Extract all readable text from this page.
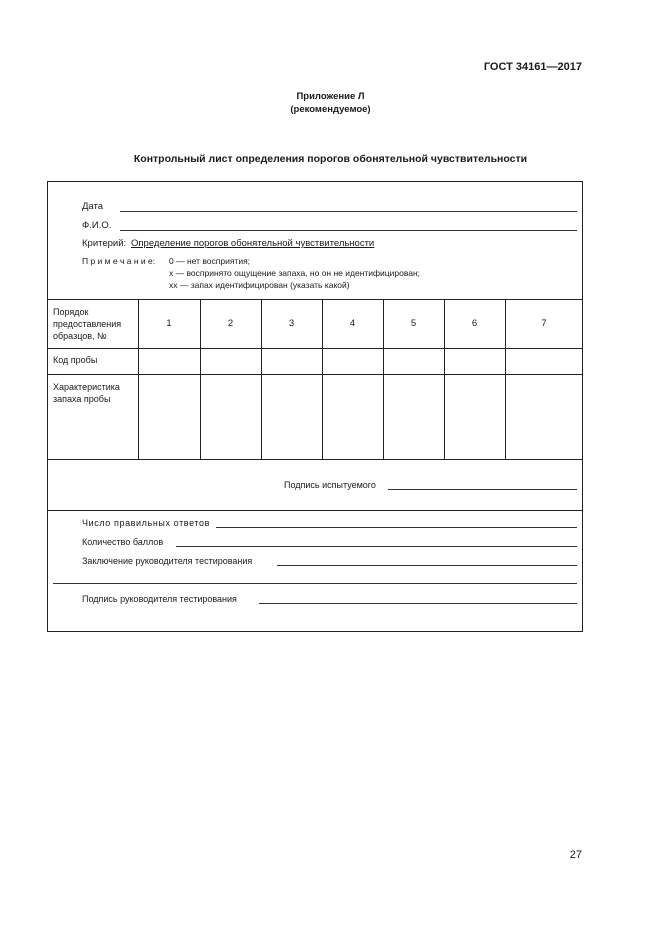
ГОСТ 34161—2017
Приложение Л
(рекомендуемое)
Контрольный лист определения порогов обонятельной чувствительности
Дата
Ф.И.О.
Критерий: Определение порогов обонятельной чувствительности
П р и м е ч а н и е: 0 — нет восприятия;
x — воспринято ощущение запаха, но он не идентифицирован;
xx — запах идентифицирован (указать какой)
Порядок предоставления образцов, №
1	2	3	4	5	6	7
Код пробы
Характеристика запаха пробы
Подпись испытуемого
Число правильных ответов
Количество баллов
Заключение руководителя тестирования
Подпись руководителя тестирования
27
